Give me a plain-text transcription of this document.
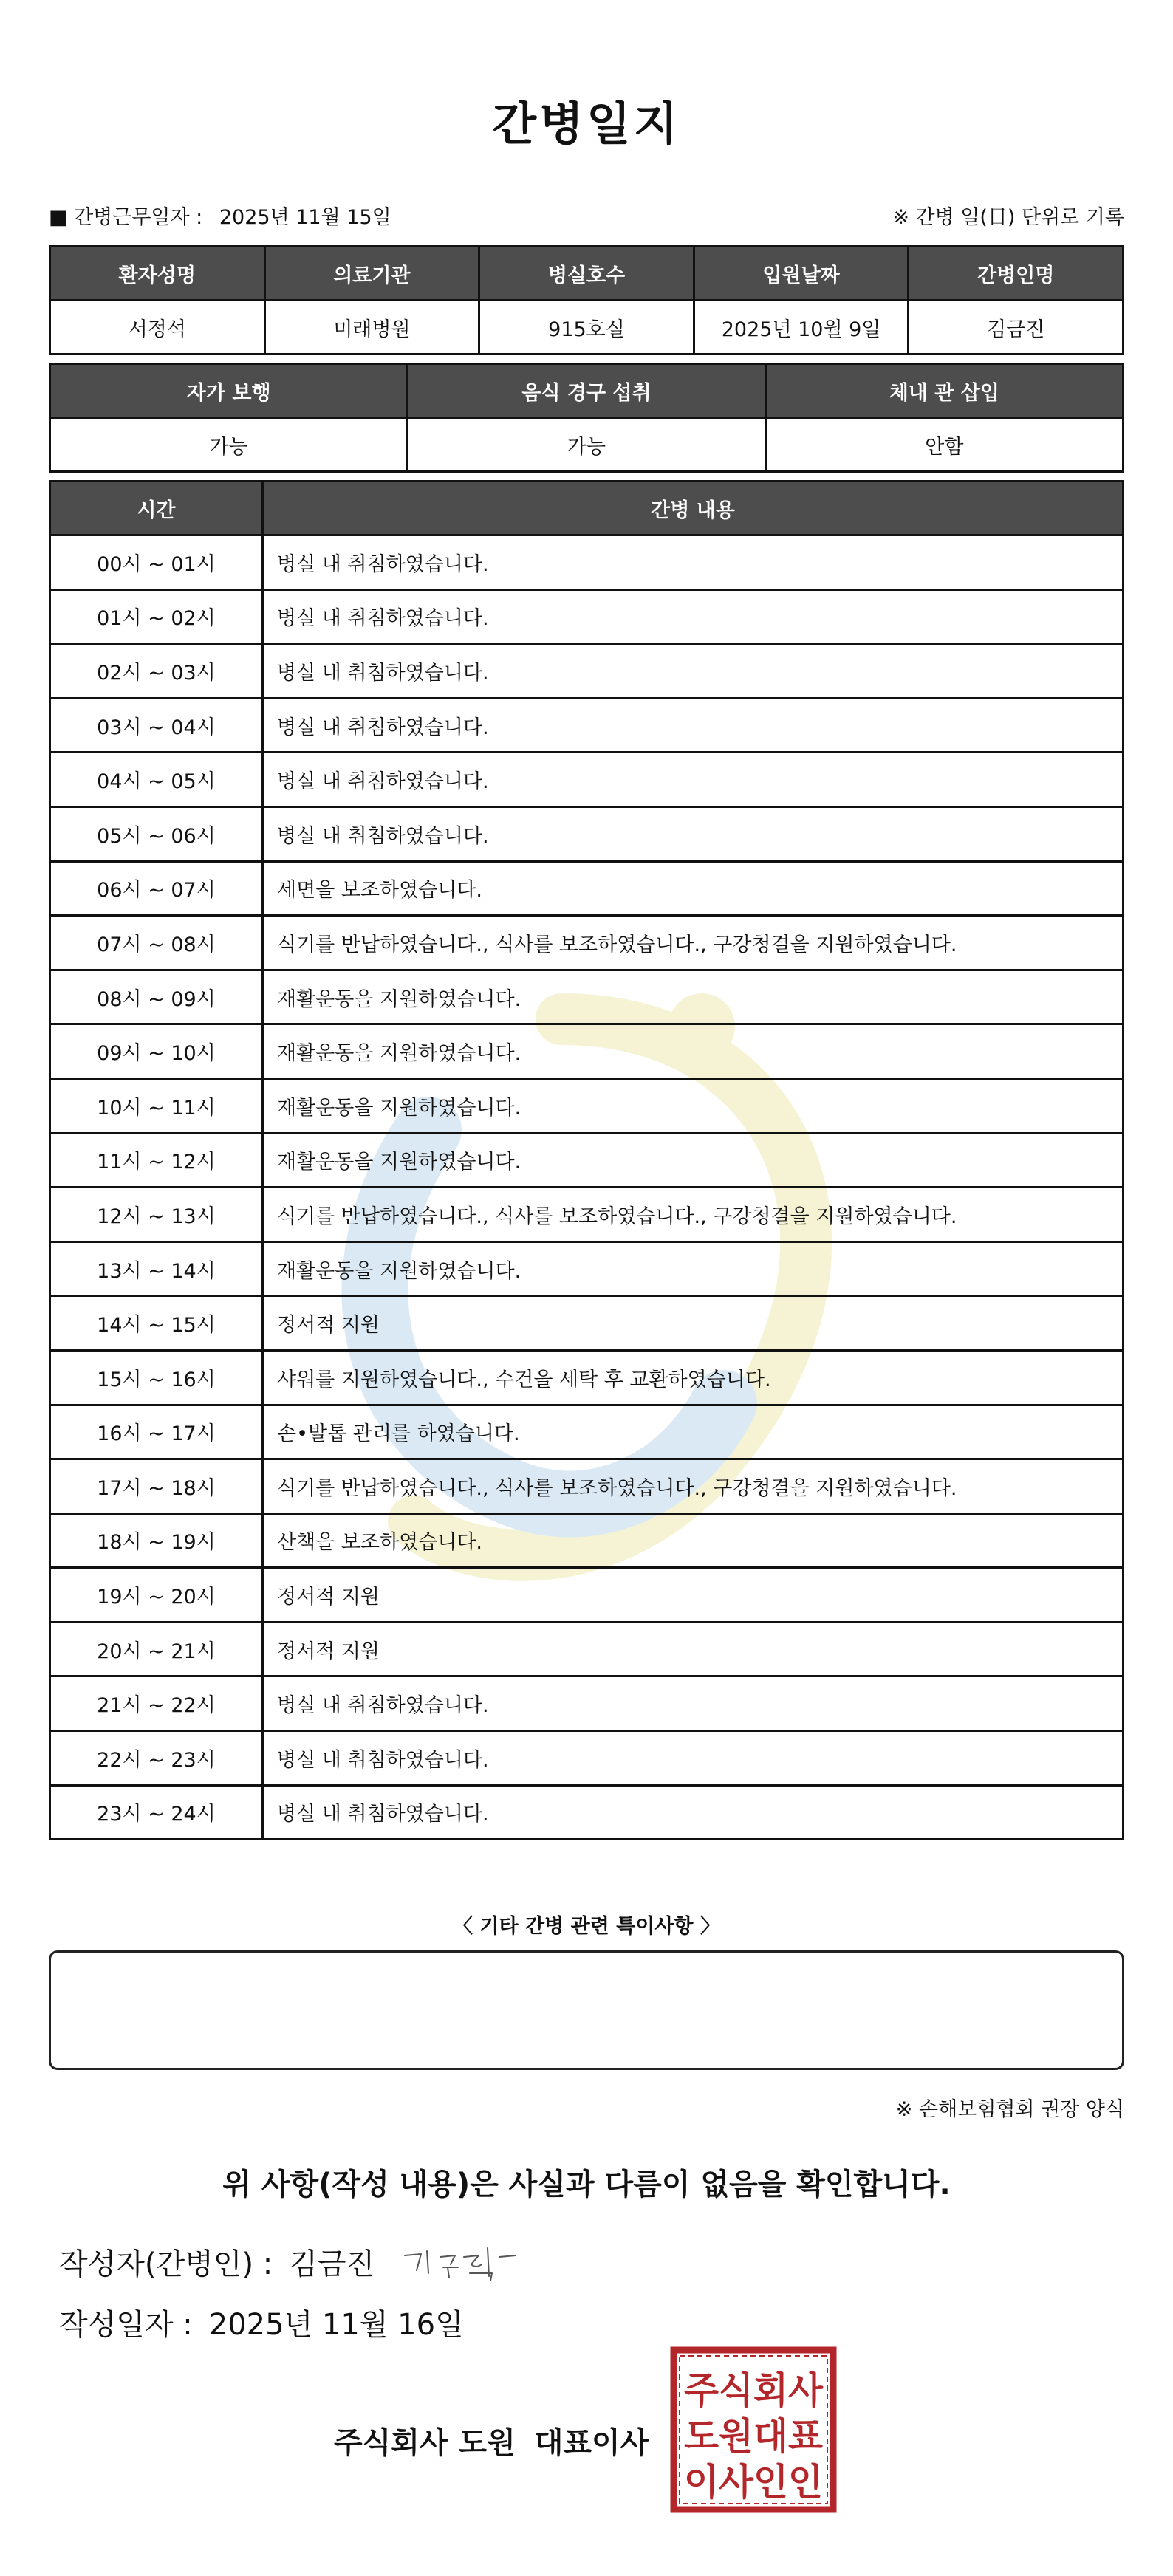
간병일지
■ 간병근무일자 : 2025년 11월 15일	※ 간병 일(日) 단위로 기록
환자성명	의료기관	병실호수	입원날짜	간병인명
서정석	미래병원	915호실	2025년 10월 9일	김금진
자가 보행	음식 경구 섭취	체내 관 삽입
가능	가능	안함
시간	간병 내용
00시 ~ 01시	병실 내 취침하였습니다.
01시 ~ 02시	병실 내 취침하였습니다.
02시 ~ 03시	병실 내 취침하였습니다.
03시 ~ 04시	병실 내 취침하였습니다.
04시 ~ 05시	병실 내 취침하였습니다.
05시 ~ 06시	병실 내 취침하였습니다.
06시 ~ 07시	세면을 보조하였습니다.
07시 ~ 08시	식기를 반납하였습니다., 식사를 보조하였습니다., 구강청결을 지원하였습니다.
08시 ~ 09시	재활운동을 지원하였습니다.
09시 ~ 10시	재활운동을 지원하였습니다.
10시 ~ 11시	재활운동을 지원하였습니다.
11시 ~ 12시	재활운동을 지원하였습니다.
12시 ~ 13시	식기를 반납하였습니다., 식사를 보조하였습니다., 구강청결을 지원하였습니다.
13시 ~ 14시	재활운동을 지원하였습니다.
14시 ~ 15시	정서적 지원
15시 ~ 16시	샤워를 지원하였습니다., 수건을 세탁 후 교환하였습니다.
16시 ~ 17시	손•발톱 관리를 하였습니다.
17시 ~ 18시	식기를 반납하였습니다., 식사를 보조하였습니다., 구강청결을 지원하였습니다.
18시 ~ 19시	산책을 보조하였습니다.
19시 ~ 20시	정서적 지원
20시 ~ 21시	정서적 지원
21시 ~ 22시	병실 내 취침하였습니다.
22시 ~ 23시	병실 내 취침하였습니다.
23시 ~ 24시	병실 내 취침하였습니다.
〈 기타 간병 관련 특이사항 〉
※ 손해보험협회 권장 양식
위 사항(작성 내용)은 사실과 다름이 없음을 확인합니다.
작성자(간병인) : 김금진
작성일자 : 2025년 11월 16일
주식회사 도원 대표이사
주식회사
도원대표
이사인인
